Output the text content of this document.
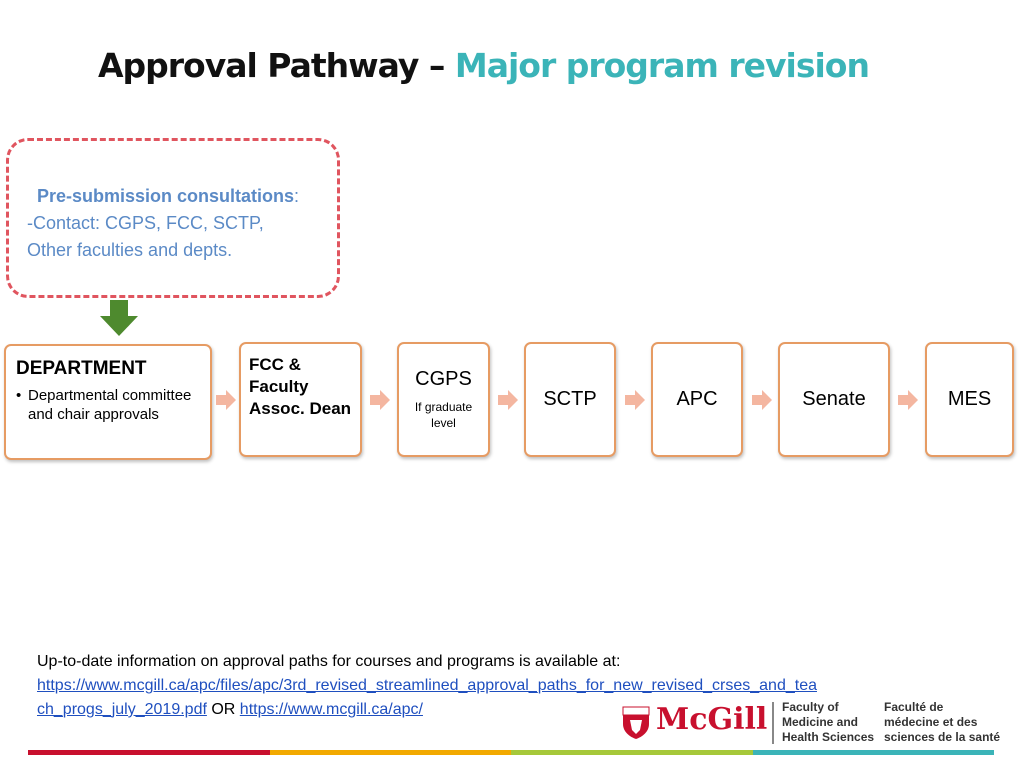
Approval Pathway – Major program revision
Pre-submission consultations:
-Contact: CGPS, FCC, SCTP,
Other faculties and depts.
DEPARTMENT
• Departmental committee and chair approvals
FCC &
Faculty
Assoc. Dean
CGPS
If graduate
level
SCTP	APC	Senate	MES
Up-to-date information on approval paths for courses and programs is available at:
https://www.mcgill.ca/apc/files/apc/3rd_revised_streamlined_approval_paths_for_new_revised_crses_and_tea
ch_progs_july_2019.pdf OR https://www.mcgill.ca/apc/	McGill Faculty of
Medicine and
Health Sciences
Faculté de
médecine et des
sciences de la santé
